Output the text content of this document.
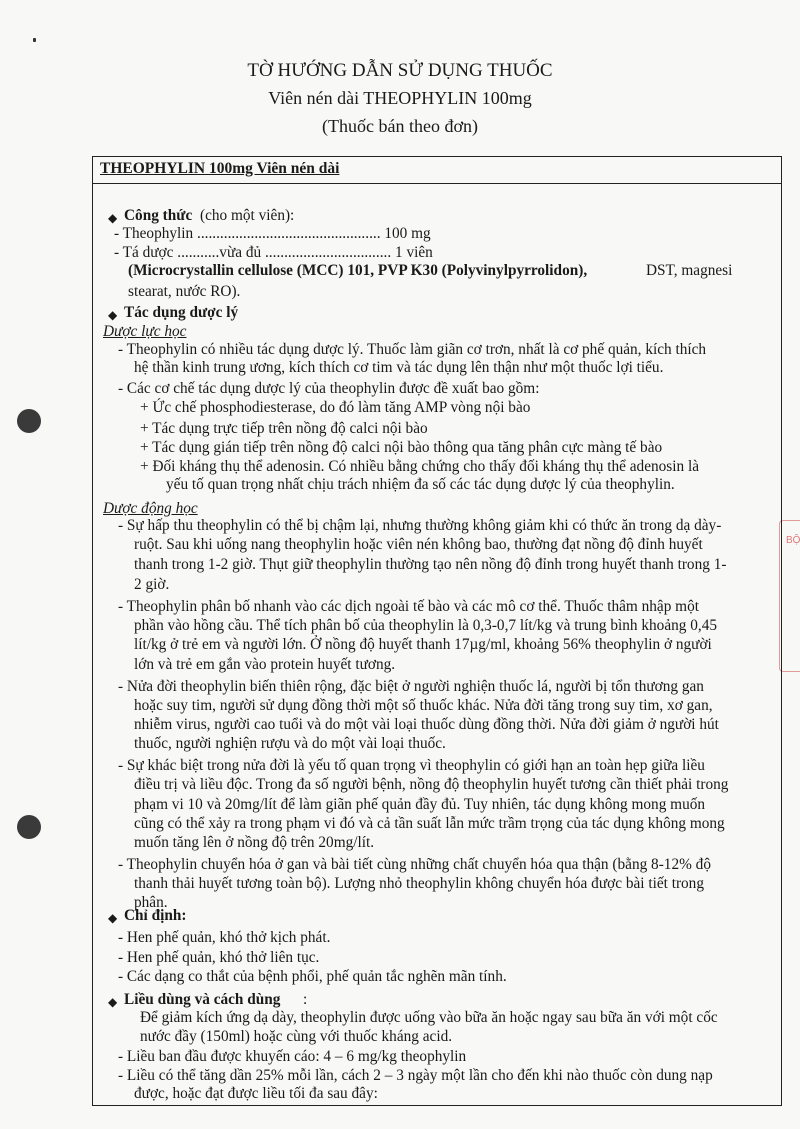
BỘ
TỜ HƯỚNG DẪN SỬ DỤNG THUỐC
Viên nén dài THEOPHYLIN 100mg
(Thuốc bán theo đơn)
THEOPHYLIN 100mg Viên nén dài
◆
◆
◆
◆
Công thức (cho một viên):
- Theophylin ................................................ 100 mg
- Tá dược ...........vừa đủ ................................. 1 viên
(Microcrystallin cellulose (MCC) 101, PVP K30 (Polyvinylpyrrolidon),	DST, magnesi
stearat, nước RO).
Tác dụng dược lý
Dược lực học
- Theophylin có nhiều tác dụng dược lý. Thuốc làm giãn cơ trơn, nhất là cơ phế quản, kích thích
hệ thần kinh trung ương, kích thích cơ tim và tác dụng lên thận như một thuốc lợi tiểu.
- Các cơ chế tác dụng dược lý của theophylin được đề xuất bao gồm:
+ Ức chế phosphodiesterase, do đó làm tăng AMP vòng nội bào
+ Tác dụng trực tiếp trên nồng độ calci nội bào
+ Tác dụng gián tiếp trên nồng độ calci nội bào thông qua tăng phân cực màng tế bào
+ Đối kháng thụ thể adenosin. Có nhiều bằng chứng cho thấy đối kháng thụ thể adenosin là
yếu tố quan trọng nhất chịu trách nhiệm đa số các tác dụng dược lý của theophylin.
Dược động học
- Sự hấp thu theophylin có thể bị chậm lại, nhưng thường không giảm khi có thức ăn trong dạ dày-
ruột. Sau khi uống nang theophylin hoặc viên nén không bao, thường đạt nồng độ đỉnh huyết
thanh trong 1-2 giờ. Thụt giữ theophylin thường tạo nên nồng độ đỉnh trong huyết thanh trong 1-
2 giờ.
- Theophylin phân bố nhanh vào các dịch ngoài tế bào và các mô cơ thể. Thuốc thâm nhập một
phần vào hồng cầu. Thể tích phân bố của theophylin là 0,3-0,7 lít/kg và trung bình khoảng 0,45
lít/kg ở trẻ em và người lớn. Ở nồng độ huyết thanh 17µg/ml, khoảng 56% theophylin ở người
lớn và trẻ em gắn vào protein huyết tương.
- Nửa đời theophylin biến thiên rộng, đặc biệt ở người nghiện thuốc lá, người bị tổn thương gan
hoặc suy tim, người sử dụng đồng thời một số thuốc khác. Nửa đời tăng trong suy tim, xơ gan,
nhiễm virus, người cao tuổi và do một vài loại thuốc dùng đồng thời. Nửa đời giảm ở người hút
thuốc, người nghiện rượu và do một vài loại thuốc.
- Sự khác biệt trong nửa đời là yếu tố quan trọng vì theophylin có giới hạn an toàn hẹp giữa liều
điều trị và liều độc. Trong đa số người bệnh, nồng độ theophylin huyết tương cần thiết phải trong
phạm vi 10 và 20mg/lít để làm giãn phế quản đầy đủ. Tuy nhiên, tác dụng không mong muốn
cũng có thể xảy ra trong phạm vi đó và cả tần suất lẫn mức trầm trọng của tác dụng không mong
muốn tăng lên ở nồng độ trên 20mg/lít.
- Theophylin chuyển hóa ở gan và bài tiết cùng những chất chuyển hóa qua thận (bằng 8-12% độ
thanh thải huyết tương toàn bộ). Lượng nhỏ theophylin không chuyển hóa được bài tiết trong
phân.
Chỉ định:
- Hen phế quản, khó thở kịch phát.
- Hen phế quản, khó thở liên tục.
- Các dạng co thắt của bệnh phổi, phế quản tắc nghẽn mãn tính.
Liều dùng và cách dùng :
Để giảm kích ứng dạ dày, theophylin được uống vào bữa ăn hoặc ngay sau bữa ăn với một cốc
nước đầy (150ml) hoặc cùng với thuốc kháng acid.
- Liều ban đầu được khuyến cáo: 4 – 6 mg/kg theophylin
- Liều có thể tăng dần 25% mỗi lần, cách 2 – 3 ngày một lần cho đến khi nào thuốc còn dung nạp
được, hoặc đạt được liều tối đa sau đây:
